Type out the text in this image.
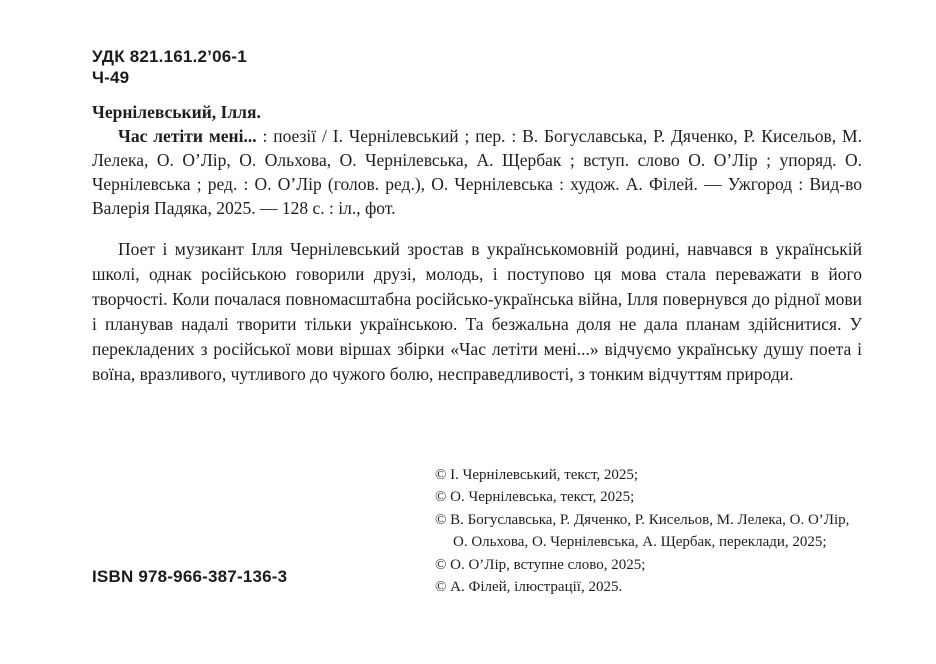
УДК 821.161.2’06-1
Ч-49

Чернілевський, Ілля.

Час летіти мені... : поезії / І. Чернілевський ; пер. : В. Богуславська, Р. Дяченко, Р. Кисельов, М. Лелека, О. О’Лір, О. Ольхова, О. Чернілевська, А. Щербак ; вступ. слово О. О’Лір ; упоряд. О. Чернілевська ; ред. : О. О’Лір (голов. ред.), О. Чернілевська : худож. А. Філей. — Ужгород : Вид-во Валерія Падяка, 2025. — 128 с. : іл., фот.

Поет і музикант Ілля Чернілевський зростав в українськомовній родині, навчався в українській школі, однак російською говорили друзі, молодь, і поступово ця мова стала переважати в його творчості. Коли почалася повномасштабна російсько-українська війна, Ілля повернувся до рідної мови і планував надалі творити тільки українською. Та безжальна доля не дала планам здійснитися. У перекладених з російської мови віршах збірки «Час летіти мені...» відчуємо українську душу поета і воїна, вразливого, чутливого до чужого болю, несправедливості, з тонким відчуттям природи.

© І. Чернілевський, текст, 2025;
© О. Чернілевська, текст, 2025;
© В. Богуславська, Р. Дяченко, Р. Кисельов, М. Лелека, О. О’Лір,
О. Ольхова, О. Чернілевська, А. Щербак, переклади, 2025;
© О. О’Лір, вступне слово, 2025;
© А. Філей, ілюстрації, 2025.
ISBN 978-966-387-136-3
